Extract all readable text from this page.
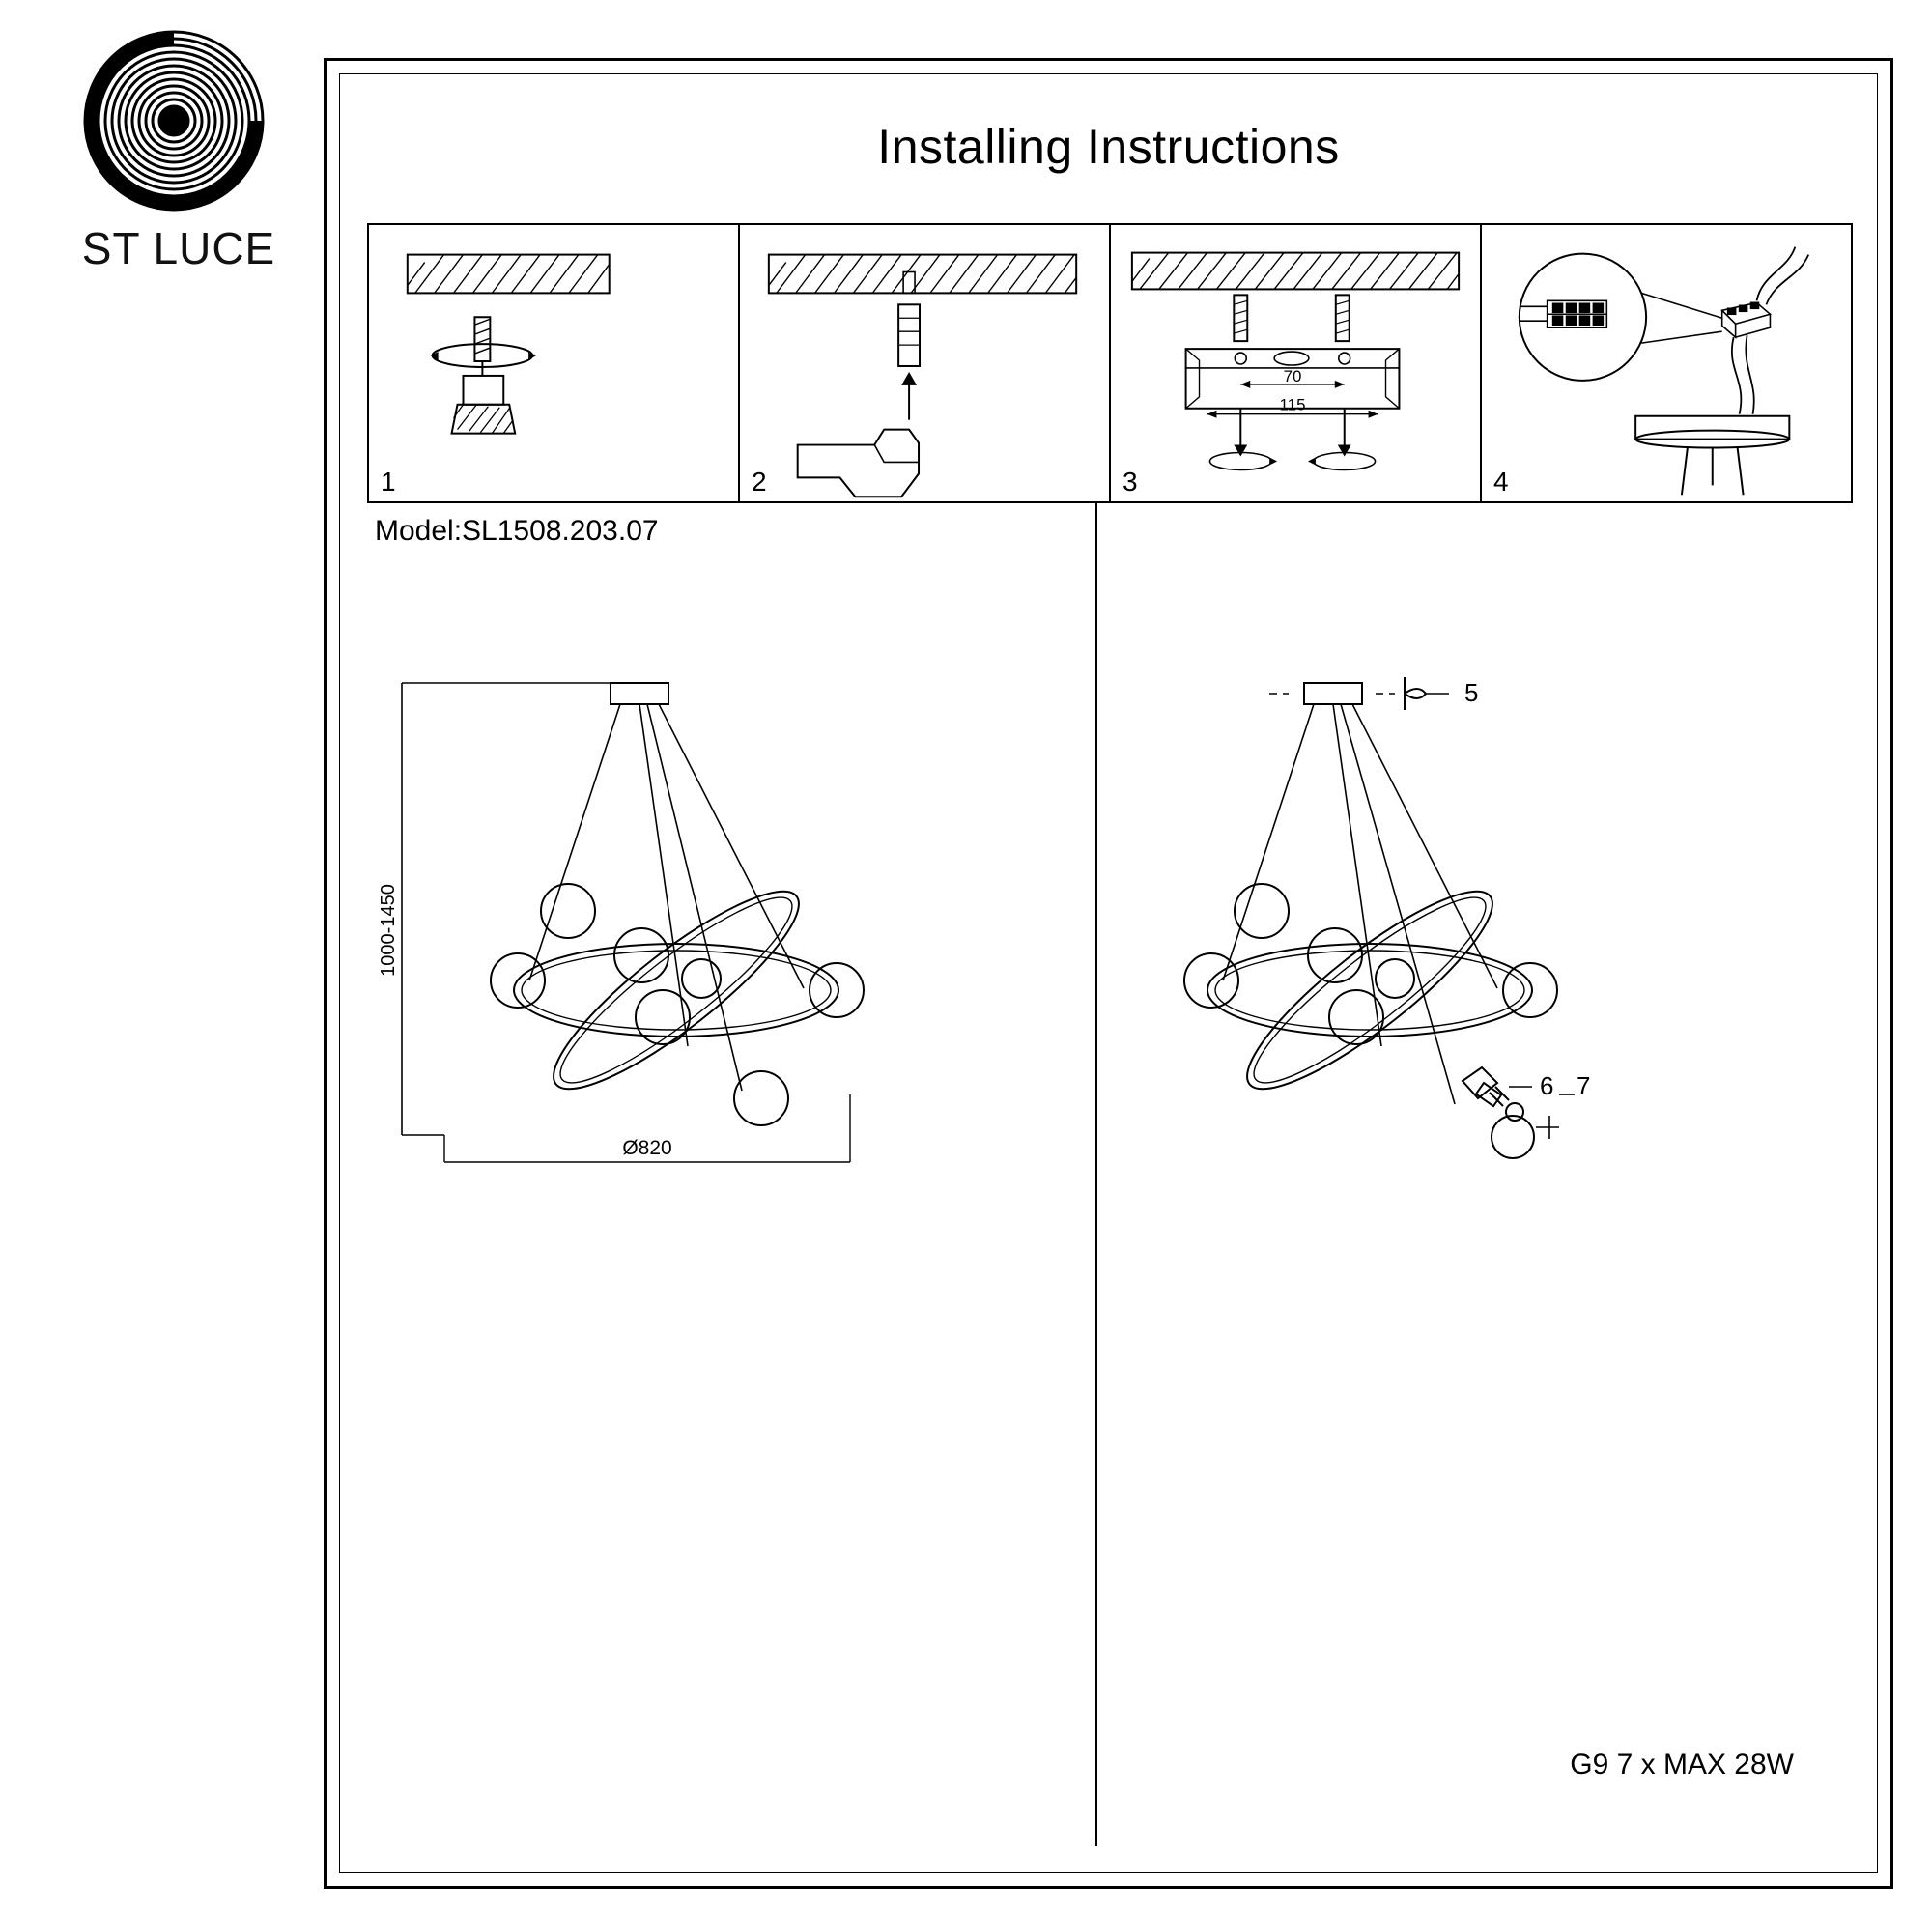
ST LUCE
Installing Instructions
1	2
70
115
3	4
Model:SL1508.203.07
1000-1450
Ø820
5
6 7
G9 7 x MAX 28W
